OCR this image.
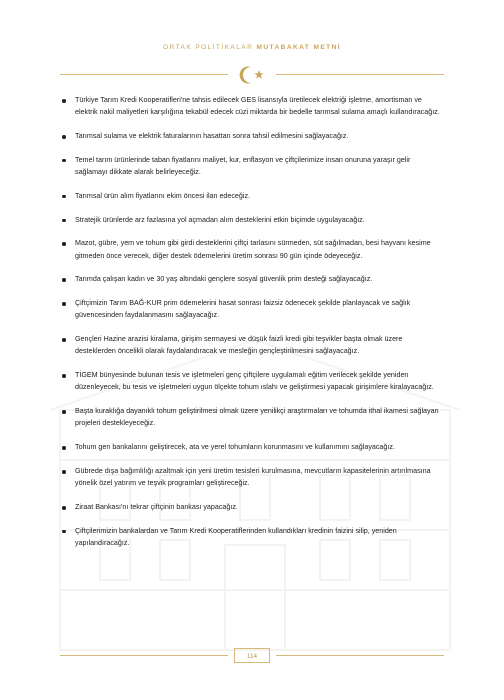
ORTAK POLİTİKALAR MUTABAKAT METNİ
Türkiye Tarım Kredi Kooperatifleri'ne tahsis edilecek GES lisansıyla üretilecek elektriği işletme, amortisman ve elektrik nakil maliyetleri karşılığına tekabül edecek cüzi miktarda bir bedelle tarımsal sulama amaçlı kullandıracağız.
Tarımsal sulama ve elektrik faturalarının hasattan sonra tahsil edilmesini sağlayacağız.
Temel tarım ürünlerinde taban fiyatlarını maliyet, kur, enflasyon ve çiftçilerimize insan onuruna yaraşır gelir sağlamayı dikkate alarak belirleyeceğiz.
Tarımsal ürün alım fiyatlarını ekim öncesi ilan edeceğiz.
Stratejik ürünlerde arz fazlasına yol açmadan alım desteklerini etkin biçimde uygulayacağız.
Mazot, gübre, yem ve tohum gibi girdi desteklerini çiftçi tarlasını sürmeden, süt sağılmadan, besi hayvanı kesime gitmeden önce verecek, diğer destek ödemelerini üretim sonrası 90 gün içinde ödeyeceğiz.
Tarımda çalışan kadın ve 30 yaş altındaki gençlere sosyal güvenlik prim desteği sağlayacağız.
Çiftçimizin Tarım BAĞ-KUR prim ödemelerini hasat sonrası faizsiz ödenecek şekilde planlayacak ve sağlık güvencesinden faydalanmasını sağlayacağız.
Gençleri Hazine arazisi kiralama, girişim sermayesi ve düşük faizli kredi gibi teşvikler başta olmak üzere desteklerden öncelikli olarak faydalandıracak ve mesleğin gençleştirilmesini sağlayacağız.
TİGEM bünyesinde bulunan tesis ve işletmeleri genç çiftçilere uygulamalı eğitim verilecek şekilde yeniden düzenleyecek, bu tesis ve işletmeleri uygun ölçekte tohum ıslahı ve geliştirmesi yapacak girişimlere kiralayacağız.
Başta kuraklığa dayanıklı tohum geliştirilmesi olmak üzere yenilikçi araştırmaları ve tohumda ithal ikamesi sağlayan projeleri destekleyeceğiz.
Tohum gen bankalarını geliştirecek, ata ve yerel tohumların korunmasını ve kullanımını sağlayacağız.
Gübrede dışa bağımlılığı azaltmak için yeni üretim tesisleri kurulmasına, mevcutların kapasitelerinin artırılmasına yönelik özel yatırım ve teşvik programları geliştireceğiz.
Ziraat Bankası'nı tekrar çiftçinin bankası yapacağız.
Çiftçilerimizin bankalardan ve Tarım Kredi Kooperatiflerinden kullandıkları kredinin faizini silip, yeniden yapılandıracağız.
114
